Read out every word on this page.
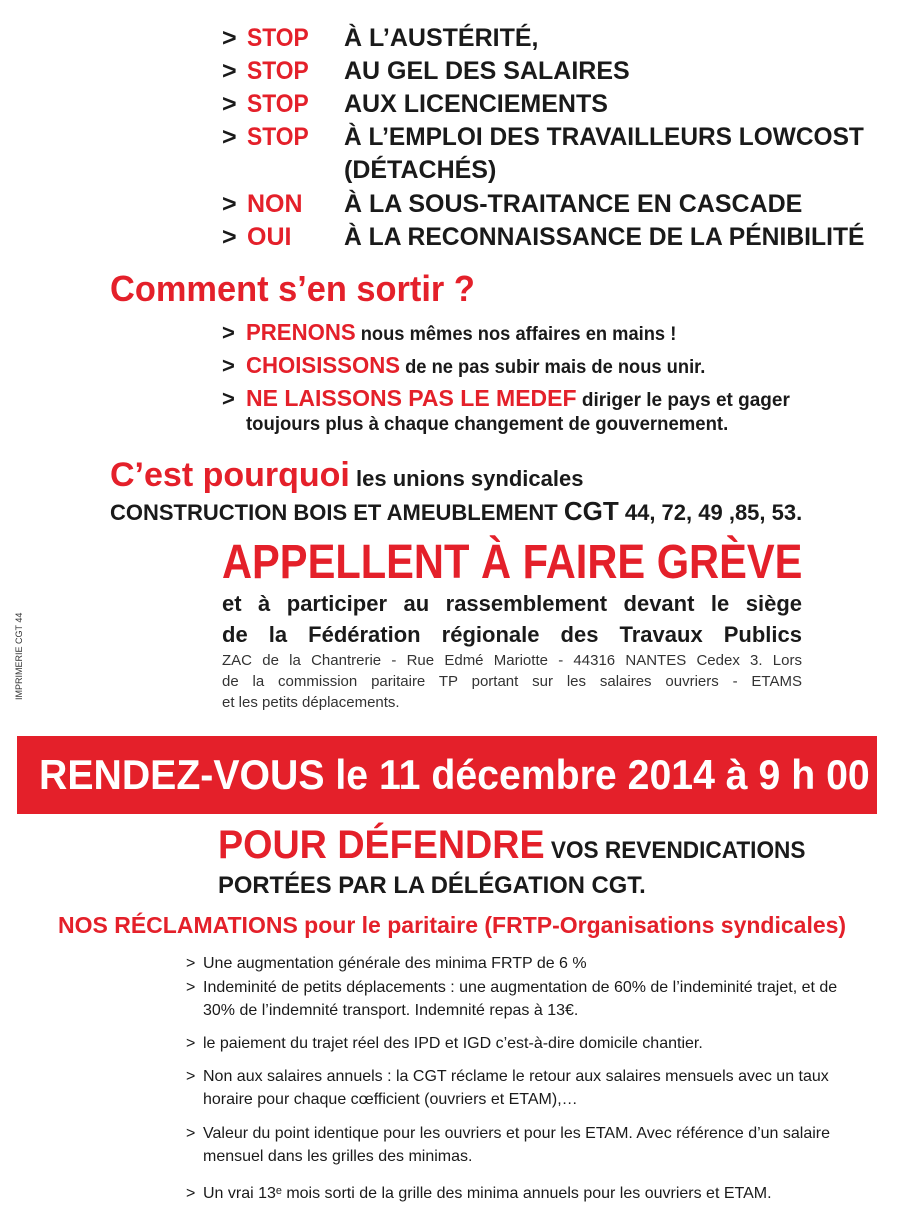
> STOP À L’AUSTÉRITÉ,
> STOP AU GEL DES SALAIRES
> STOP AUX LICENCIEMENTS
> STOP À L’EMPLOI DES TRAVAILLEURS LOWCOST
(DÉTACHÉS)
> NON À LA SOUS-TRAITANCE EN CASCADE
> OUI À LA RECONNAISSANCE DE LA PÉNIBILITÉ
Comment s’en sortir ?
> PRENONS nous mêmes nos affaires en mains !
> CHOISISSONS de ne pas subir mais de nous unir.
> NE LAISSONS PAS LE MEDEF diriger le pays et gager
toujours plus à chaque changement de gouvernement.
C’est pourquoi les unions syndicales
CONSTRUCTION BOIS ET AMEUBLEMENT CGT 44, 72, 49 ,85, 53.
APPELLENT À FAIRE GRÈVE
et à participer au rassemblement devant le siège
de la Fédération régionale des Travaux Publics
ZAC de la Chantrerie - Rue Edmé Mariotte - 44316 NANTES Cedex 3. Lors
de la commission paritaire TP portant sur les salaires ouvriers - ETAMS
et les petits déplacements.
IMPRIMERIE CGT 44
RENDEZ-VOUS le 11 décembre 2014 à 9 h 00
POUR DÉFENDRE VOS REVENDICATIONS
PORTÉES PAR LA DÉLÉGATION CGT.
NOS RÉCLAMATIONS pour le paritaire (FRTP-Organisations syndicales)
> Une augmentation générale des minima FRTP de 6 %
> Indeminité de petits déplacements : une augmentation de 60% de l’indeminité trajet, et de
30% de l’indemnité transport. Indemnité repas à 13€.
> le paiement du trajet réel des IPD et IGD c’est-à-dire domicile chantier.
> Non aux salaires annuels : la CGT réclame le retour aux salaires mensuels avec un taux
horaire pour chaque cœfficient (ouvriers et ETAM),…
> Valeur du point identique pour les ouvriers et pour les ETAM. Avec référence d’un salaire
mensuel dans les grilles des minimas.
> Un vrai 13ᵉ mois sorti de la grille des minima annuels pour les ouvriers et ETAM.
